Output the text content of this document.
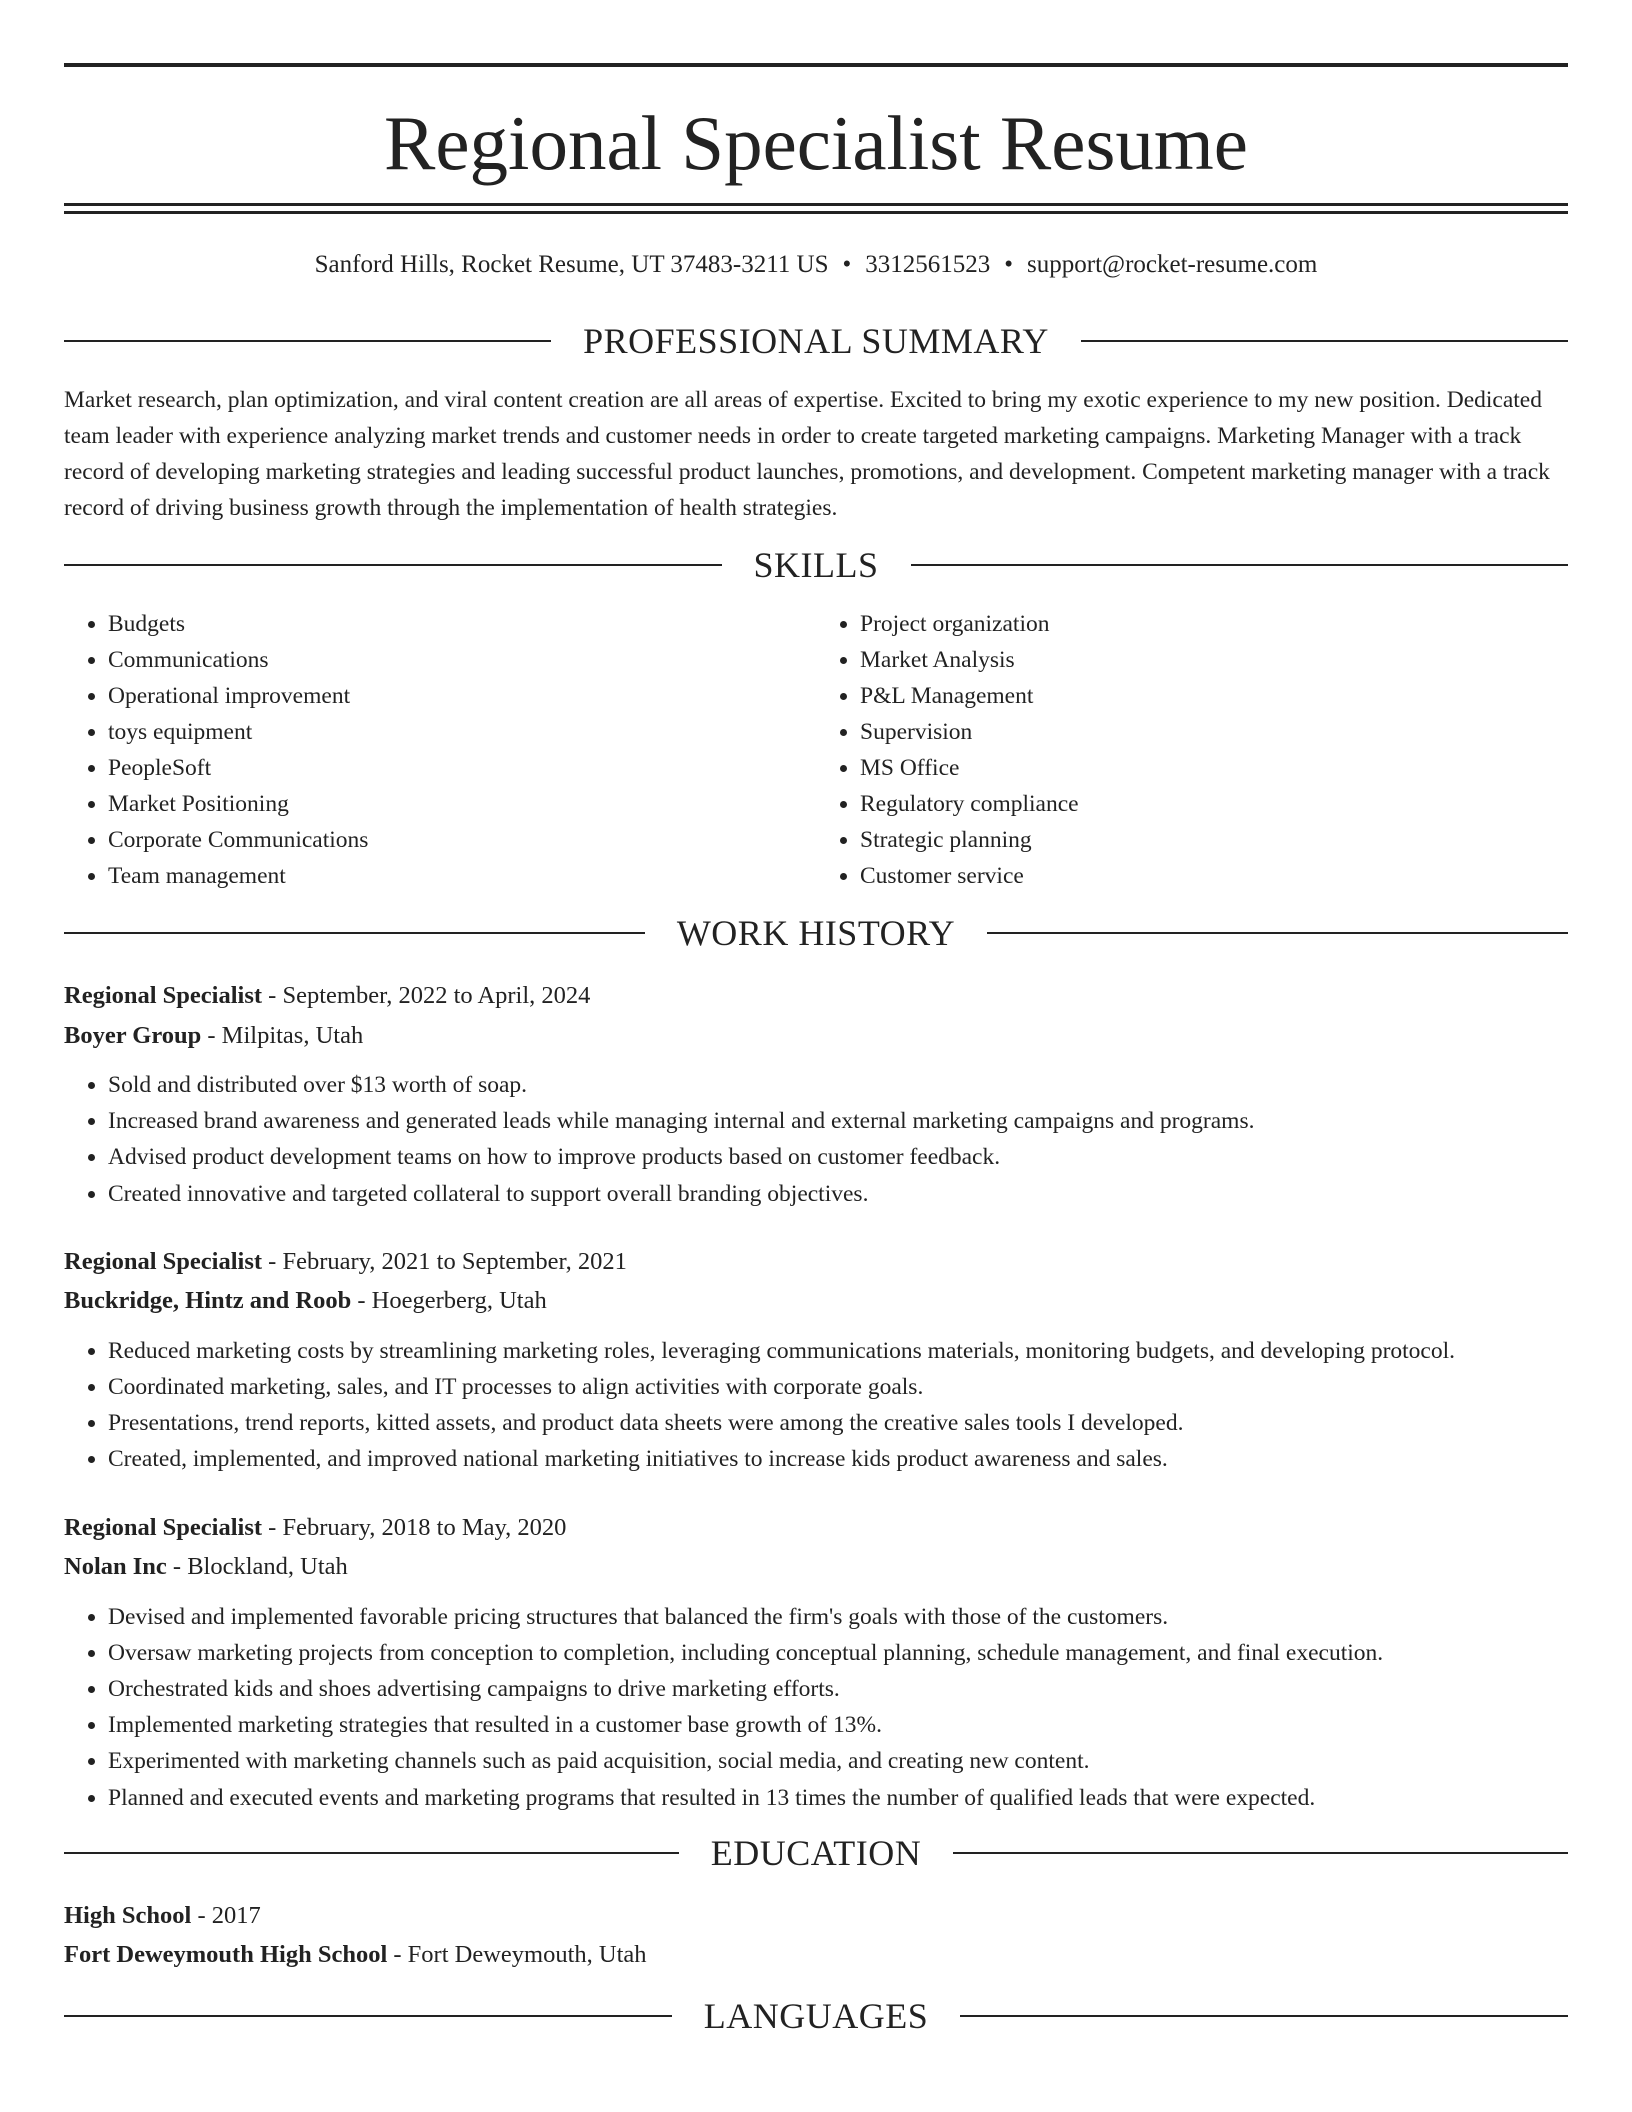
Regional Specialist Resume
Sanford Hills, Rocket Resume, UT 37483-3211 US • 3312561523 • support@rocket-resume.com
PROFESSIONAL SUMMARY

Market research, plan optimization, and viral content creation are all areas of expertise. Excited to bring my exotic experience to my new position. Dedicated team leader with experience analyzing market trends and customer needs in order to create targeted marketing campaigns. Marketing Manager with a track record of developing marketing strategies and leading successful product launches, promotions, and development. Competent marketing manager with a track record of driving business growth through the implementation of health strategies.

SKILLS
• Budgets
• Communications
• Operational improvement
• toys equipment
• PeopleSoft
• Market Positioning
• Corporate Communications
• Team management
• Project organization
• Market Analysis
• P&L Management
• Supervision
• MS Office
• Regulatory compliance
• Strategic planning
• Customer service
WORK HISTORY
Regional Specialist - September, 2022 to April, 2024
Boyer Group - Milpitas, Utah
• Sold and distributed over $13 worth of soap.
• Increased brand awareness and generated leads while managing internal and external marketing campaigns and programs.
• Advised product development teams on how to improve products based on customer feedback.
• Created innovative and targeted collateral to support overall branding objectives.
Regional Specialist - February, 2021 to September, 2021
Buckridge, Hintz and Roob - Hoegerberg, Utah
• Reduced marketing costs by streamlining marketing roles, leveraging communications materials, monitoring budgets, and developing protocol.
• Coordinated marketing, sales, and IT processes to align activities with corporate goals.
• Presentations, trend reports, kitted assets, and product data sheets were among the creative sales tools I developed.
• Created, implemented, and improved national marketing initiatives to increase kids product awareness and sales.
Regional Specialist - February, 2018 to May, 2020
Nolan Inc - Blockland, Utah
• Devised and implemented favorable pricing structures that balanced the firm's goals with those of the customers.
• Oversaw marketing projects from conception to completion, including conceptual planning, schedule management, and final execution.
• Orchestrated kids and shoes advertising campaigns to drive marketing efforts.
• Implemented marketing strategies that resulted in a customer base growth of 13%.
• Experimented with marketing channels such as paid acquisition, social media, and creating new content.
• Planned and executed events and marketing programs that resulted in 13 times the number of qualified leads that were expected.
EDUCATION
High School - 2017
Fort Deweymouth High School - Fort Deweymouth, Utah
LANGUAGES
